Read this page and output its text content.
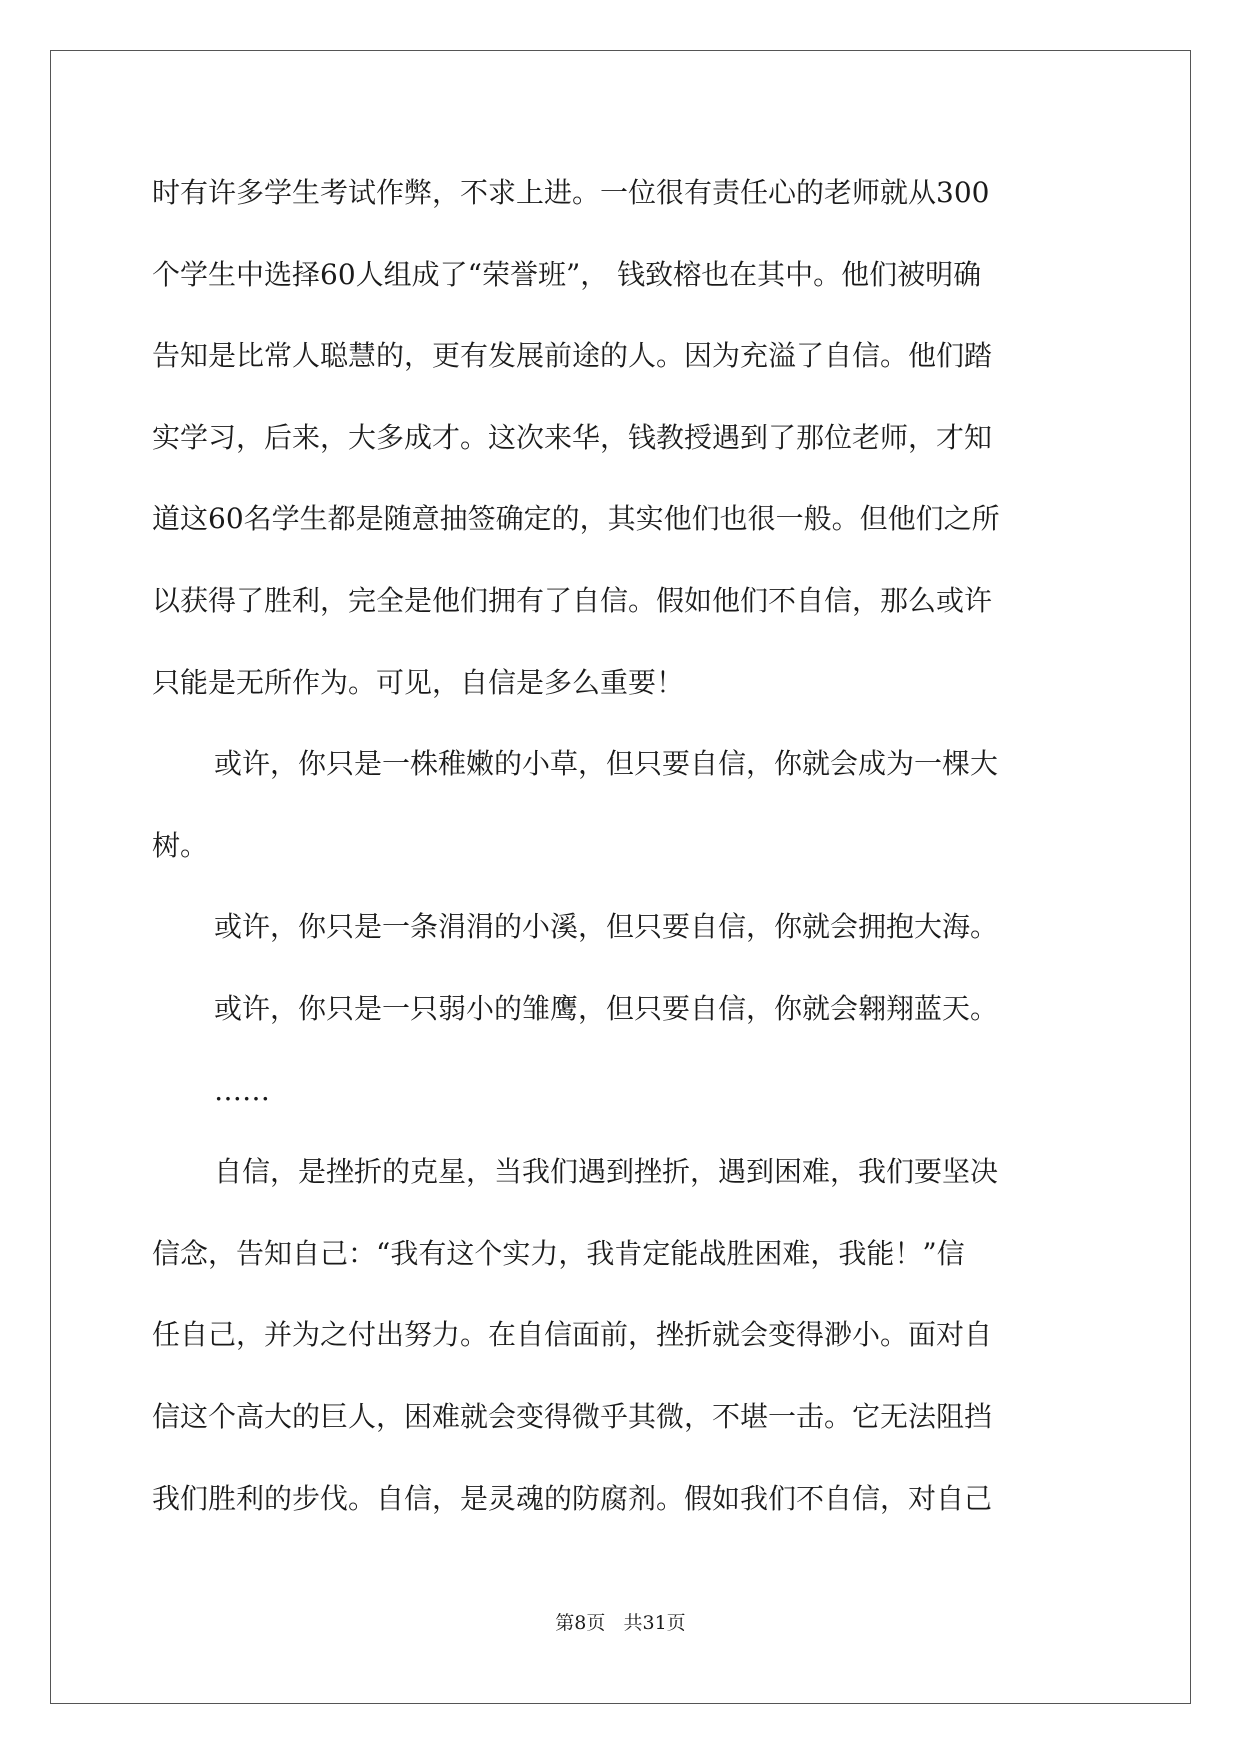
时有许多学生考试作弊，不求上进。一位很有责任心的老师就从300
个学生中选择60人组成了“荣誉班”， 钱致榕也在其中。他们被明确
告知是比常人聪慧的，更有发展前途的人。因为充溢了自信。他们踏
实学习，后来，大多成才。这次来华，钱教授遇到了那位老师，才知
道这60名学生都是随意抽签确定的，其实他们也很一般。但他们之所
以获得了胜利，完全是他们拥有了自信。假如他们不自信，那么或许
只能是无所作为。可见，自信是多么重要！
或许，你只是一株稚嫩的小草，但只要自信，你就会成为一棵大
树。
或许，你只是一条涓涓的小溪，但只要自信，你就会拥抱大海。
或许，你只是一只弱小的雏鹰，但只要自信，你就会翱翔蓝天。
……
自信，是挫折的克星，当我们遇到挫折，遇到困难，我们要坚决
信念，告知自己：“我有这个实力，我肯定能战胜困难，我能！”信
任自己，并为之付出努力。在自信面前，挫折就会变得渺小。面对自
信这个高大的巨人，困难就会变得微乎其微，不堪一击。它无法阻挡
我们胜利的步伐。自信，是灵魂的防腐剂。假如我们不自信，对自己
第8页   共31页
